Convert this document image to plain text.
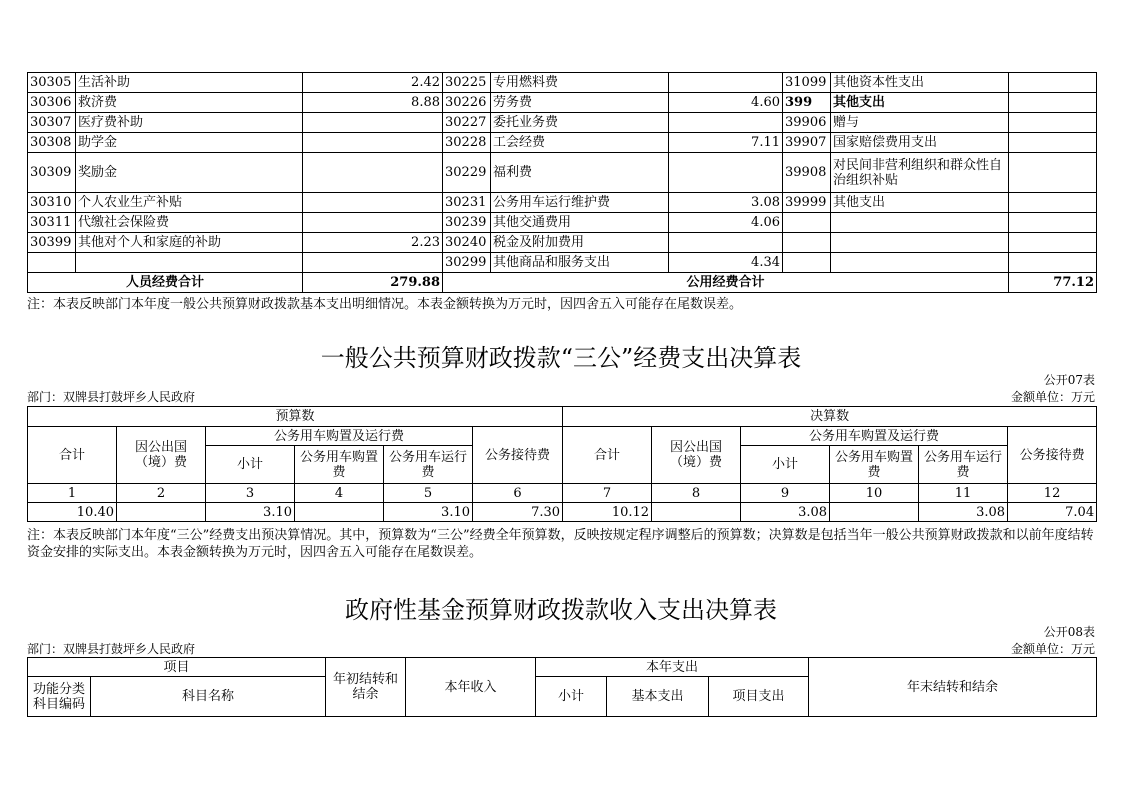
30305	生活补助	2.42	30225	专用燃料费		31099	其他资本性支出	
30306	救济费	8.88	30226	劳务费	4.60	399	其他支出	
30307	医疗费补助		30227	委托业务费		39906	赠与	
30308	助学金		30228	工会经费	7.11	39907	国家赔偿费用支出	
30309	奖励金		30229	福利费		39908	对民间非营利组织和群众性自治组织补贴	
30310	个人农业生产补贴		30231	公务用车运行维护费	3.08	39999	其他支出	
30311	代缴社会保险费		30239	其他交通费用	4.06			
30399	其他对个人和家庭的补助	2.23	30240	税金及附加费用				
			30299	其他商品和服务支出	4.34			
人员经费合计		279.88	公用经费合计					77.12
注：本表反映部门本年度一般公共预算财政拨款基本支出明细情况。本表金额转换为万元时，因四舍五入可能存在尾数误差。
一般公共预算财政拨款“三公”经费支出决算表
公开07表
部门：双牌县打鼓坪乡人民政府	金额单位：万元
预算数						决算数					
合计	因公出国（境）费	公务用车购置及运行费			公务接待费	合计	因公出国（境）费	公务用车购置及运行费			公务接待费
		小计	公务用车购置费	公务用车运行费				小计	公务用车购置费	公务用车运行费	
1	2	3	4	5	6	7	8	9	10	11	12
10.40		3.10		3.10	7.30	10.12		3.08		3.08	7.04
注：本表反映部门本年度“三公”经费支出预决算情况。其中，预算数为“三公”经费全年预算数，反映按规定程序调整后的预算数；决算数是包括当年一般公共预算财政拨款和以前年度结转资金安排的实际支出。本表金额转换为万元时，因四舍五入可能存在尾数误差。
政府性基金预算财政拨款收入支出决算表
公开08表
部门：双牌县打鼓坪乡人民政府	金额单位：万元
项目		年初结转和结余	本年收入	本年支出			年末结转和结余
功能分类科目编码	科目名称			小计	基本支出	项目支出	
